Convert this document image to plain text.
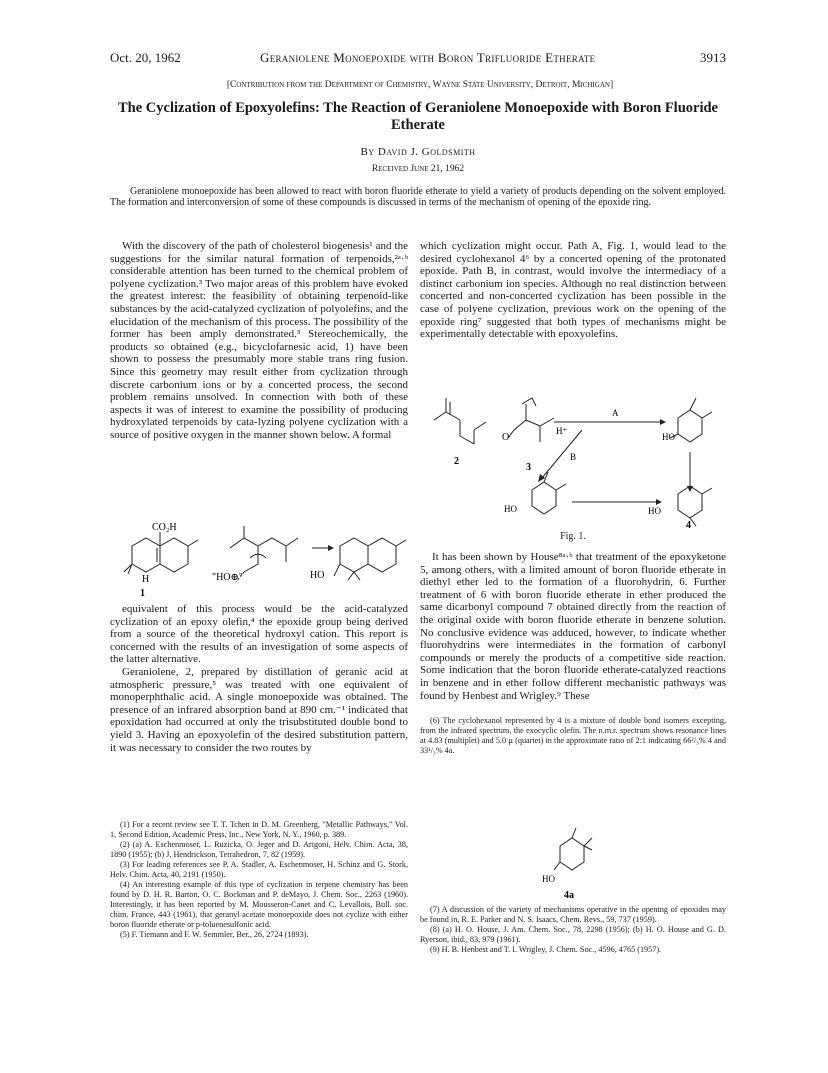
Oct. 20, 1962	Geraniolene Monoepoxide with Boron Trifluoride Etherate	3913
[Contribution from the Department of Chemistry, Wayne State University, Detroit, Michigan]
The Cyclization of Epoxyolefins: The Reaction of Geraniolene Monoepoxide with Boron Fluoride Etherate
By David J. Goldsmith
Received June 21, 1962
Geraniolene monoepoxide has been allowed to react with boron fluoride etherate to yield a variety of products depending on the solvent employed. The formation and interconversion of some of these compounds is discussed in terms of the mechanism of opening of the epoxide ring.

With the discovery of the path of cholesterol biogenesis¹ and the suggestions for the similar natural formation of terpenoids,²ᵃ·ᵇ considerable attention has been turned to the chemical problem of polyene cyclization.³ Two major areas of this problem have evoked the greatest interest: the feasibility of obtaining terpenoid-like substances by the acid-catalyzed cyclization of polyolefins, and the elucidation of the mechanism of this process. The possibility of the former has been amply demonstrated.³ Stereochemically, the products so obtained (e.g., bicyclofarnesic acid, 1) have been shown to possess the presumably more stable trans ring fusion. Since this geometry may result either from cyclization through discrete carbonium ions or by a concerted process, the second problem remains unsolved. In connection with both of these aspects it was of interest to examine the possibility of producing hydroxylated terpenoids by cata-lyzing polyene cyclization with a source of positive oxygen in the manner shown below. A formal

CO₂H
H
1
"HO⊕"	HO

equivalent of this process would be the acid-catalyzed cyclization of an epoxy olefin,⁴ the epoxide group being derived from a source of the theoretical hydroxyl cation. This report is concerned with the results of an investigation of some aspects of the latter alternative.

Geraniolene, 2, prepared by distillation of geranic acid at atmospheric pressure,⁵ was treated with one equivalent of monoperphthalic acid. A single monoepoxide was obtained. The presence of an infrared absorption band at 890 cm.⁻¹ indicated that epoxidation had occurred at only the trisubstituted double bond to yield 3. Having an epoxyolefin of the desired substitution pattern, it was necessary to consider the two routes by

(1) For a recent review see T. T. Tchen in D. M. Greenberg, "Metallic Pathways," Vol. 1, Second Edition, Academic Press, Inc., New York, N. Y., 1960, p. 389.

(2) (a) A. Eschenmoser, L. Ruzicka, O. Jeger and D. Arigoni, Helv. Chim. Acta, 38, 1890 (1955); (b) J. Hendrickson, Tetrahedron, 7, 82 (1959).

(3) For leading references see P. A. Stadler, A. Eschenmoser, H. Schinz and G. Stork, Helv. Chim. Acta, 40, 2191 (1950).

(4) An interesting example of this type of cyclization in terpene chemistry has been found by D. H. R. Barton, O. C. Bockman and P. deMayo, J. Chem. Soc., 2263 (1960). Interestingly, it has been reported by M. Mousseron-Canet and C. Levallois, Bull. soc. chim. France, 443 (1961), that geranyl acetate monoepoxide does not cyclize with either boron fluoride etherate or p-toluenesulfonic acid.

(5) F. Tiemann and F. W. Semmler, Ber., 26, 2724 (1893).

which cyclization might occur. Path A, Fig. 1, would lead to the desired cyclohexanol 4⁶ by a concerted opening of the protonated epoxide. Path B, in contrast, would involve the intermediacy of a distinct carbonium ion species. Although no real distinction between concerted and non-concerted cyclization has been possible in the case of polyene cyclization, previous work on the opening of the epoxide ring⁷ suggested that both types of mechanisms might be experimentally detectable with epoxyolefins.

2
O
3
H⁺
A
B
HO
HO	HO
4
Fig. 1.

It has been shown by House⁸ᵃ·ᵇ that treatment of the epoxyketone 5, among others, with a limited amount of boron fluoride etherate in diethyl ether led to the formation of a fluorohydrin, 6. Further treatment of 6 with boron fluoride etherate in ether produced the same dicarbonyl compound 7 obtained directly from the reaction of the original oxide with boron fluoride etherate in benzene solution. No conclusive evidence was adduced, however, to indicate whether fluorohydrins were intermediates in the formation of carbonyl compounds or merely the products of a competitive side reaction. Some indication that the boron fluoride etherate-catalyzed reactions in benzene and in ether follow different mechanistic pathways was found by Henbest and Wrigley.⁹ These

(6) The cyclohexanol represented by 4 is a mixture of double bond isomers excepting, from the infrared spectrum, the exocyclic olefin. The n.m.r. spectrum shows resonance lines at 4.83 (multiplet) and 5.0 µ (quartet) in the approximate ratio of 2:1 indicating 66²/₃% 4 and 33¹/₃% 4a.

HO
4a

(7) A discussion of the variety of mechanisms operative in the opening of epoxides may be found in, R. E. Parker and N. S. Isaacs, Chem. Revs., 59, 737 (1959).

(8) (a) H. O. House, J. Am. Chem. Soc., 78, 2298 (1956); (b) H. O. House and G. D. Ryerson, ibid., 83, 979 (1961).

(9) H. B. Henbest and T. I. Wrigley, J. Chem. Soc., 4596, 4765 (1957).
